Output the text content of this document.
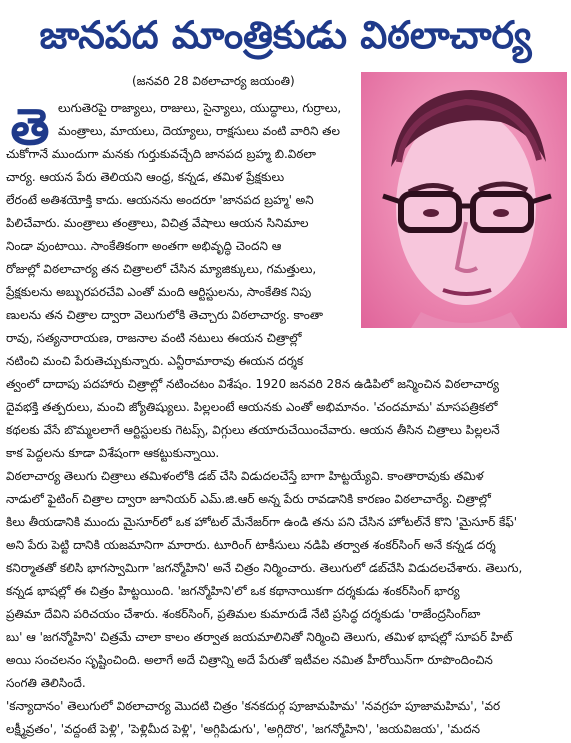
జానపద మాంత్రికుడు విఠలాచార్య
(జనవరి 28 విఠలాచార్య జయంతి)
తె లుగుతెరపై రాజ్యాలు, రాజులు, సైన్యాలు, యుద్ధాలు, గుర్రాలు,
మంత్రాలు, మాయలు, దెయ్యాలు, రాక్షసులు వంటి వారిని తల
చుకోగానే ముందుగా మనకు గుర్తుకువచ్చేది జానపద బ్రహ్మ బి.విఠలా
చార్య. ఆయన పేరు తెలియని ఆంధ్ర, కన్నడ, తమిళ ప్రేక్షకులు
లేరంటే అతిశయోక్తి కాదు. ఆయనను అందరూ 'జానపద బ్రహ్మ' అని
పిలిచేవారు. మంత్రాలు తంత్రాలు, విచిత్ర వేషాలు ఆయన సినిమాల
నిండా వుంటాయి. సాంకేతికంగా అంతగా అభివృద్ధి చెందని ఆ
రోజుల్లో విఠలాచార్య తన చిత్రాలలో చేసిన మ్యాజిక్కులు, గమత్తులు,
ప్రేక్షకులను అబ్బురపరచేవి ఎంతో మంది ఆర్టిస్టులను, సాంకేతిక నిపు
ణులను తన చిత్రాల ద్వారా వెలుగులోకి తెచ్చారు విఠలాచార్య. కాంతా
రావు, సత్యనారాయణ, రాజనాల వంటి నటులు ఈయన చిత్రాల్లో
నటించి మంచి పేరుతెచ్చుకున్నారు. ఎన్టీరామారావు ఈయన దర్శక
త్వంలో దాదాపు పదహారు చిత్రాల్లో నటించటం విశేషం. 1920 జనవరి 28న ఉడిపిలో జన్మించిన విఠలాచార్య
దైవభక్తి తత్పరులు, మంచి జ్యోతిష్యులు. పిల్లలంటే ఆయనకు ఎంతో అభిమానం. 'చందమామ' మాసపత్రికలో
కథలకు వేసే బొమ్మలలాగే ఆర్టిస్టులకు గెటప్స్, విగ్గులు తయారుచేయించేవారు. ఆయన తీసిన చిత్రాలు పిల్లలనే
కాక పెద్దలను కూడా విశేషంగా ఆకట్టుకున్నాయి.
విఠలాచార్య తెలుగు చిత్రాలు తమిళంలోకి డబ్ చేసి విడుదలచేస్తే బాగా హిట్టయ్యేవి. కాంతారావుకు తమిళ
నాడులో ఫైటింగ్ చిత్రాల ద్వారా జూనియర్ ఎమ్.జి.ఆర్ అన్న పేరు రావడానికి కారణం విఠలాచార్యే. చిత్రాల్లో
కిలు తీయడానికి ముందు మైసూర్‌లో ఒక హోటల్ మేనేజర్‌గా ఉండి తను పని చేసిన హోటల్‌నే కొని 'మైసూర్ కేఫ్'
అని పేరు పెట్టి దానికి యజమానిగా మారారు. టూరింగ్ టాకీసులు నడిపి తర్వాత శంకర్‌సింగ్ అనే కన్నడ దర్శ
కనిర్మాతతో కలిసి భాగస్వామిగా 'జగన్మోహిని' అనే చిత్రం నిర్మించారు. తెలుగులో డబ్‌చేసి విడుదలచేశారు. తెలుగు,
కన్నడ భాషల్లో ఈ చిత్రం హిట్టయింది. 'జగన్మోహిని'లో ఒక కథానాయికగా దర్శకుడు శంకర్‌సింగ్ భార్య
ప్రతిమా దేవిని పరిచయం చేశారు. శంకర్‌సింగ్, ప్రతిమల కుమారుడే నేటి ప్రసిద్ధ దర్శకుడు 'రాజేంద్రసింగ్‌బా
బు' ఆ 'జగన్మోహిని' చిత్రమే చాలా కాలం తర్వాత జయమాలినితో నిర్మించి తెలుగు, తమిళ భాషల్లో సూపర్ హిట్
అయి సంచలనం సృష్టించింది. అలాగే అదే చిత్రాన్ని అదే పేరుతో ఇటీవల నమిత హీరోయిన్‌గా రూపొందించిన
సంగతి తెలిసిందే.
'కన్యాదానం' తెలుగులో విఠలాచార్య మొదటి చిత్రం 'కనకదుర్గ పూజామహిమ' 'నవగ్రహ పూజామహిమ', 'వర
లక్ష్మీవ్రతం', 'వద్దంటే పెళ్లి', 'పెళ్లిమీద పెళ్లి', 'అగ్గిపిడుగు', 'అగ్గిదొర', 'జగన్మోహిని', 'జయవిజయ', 'మదన
